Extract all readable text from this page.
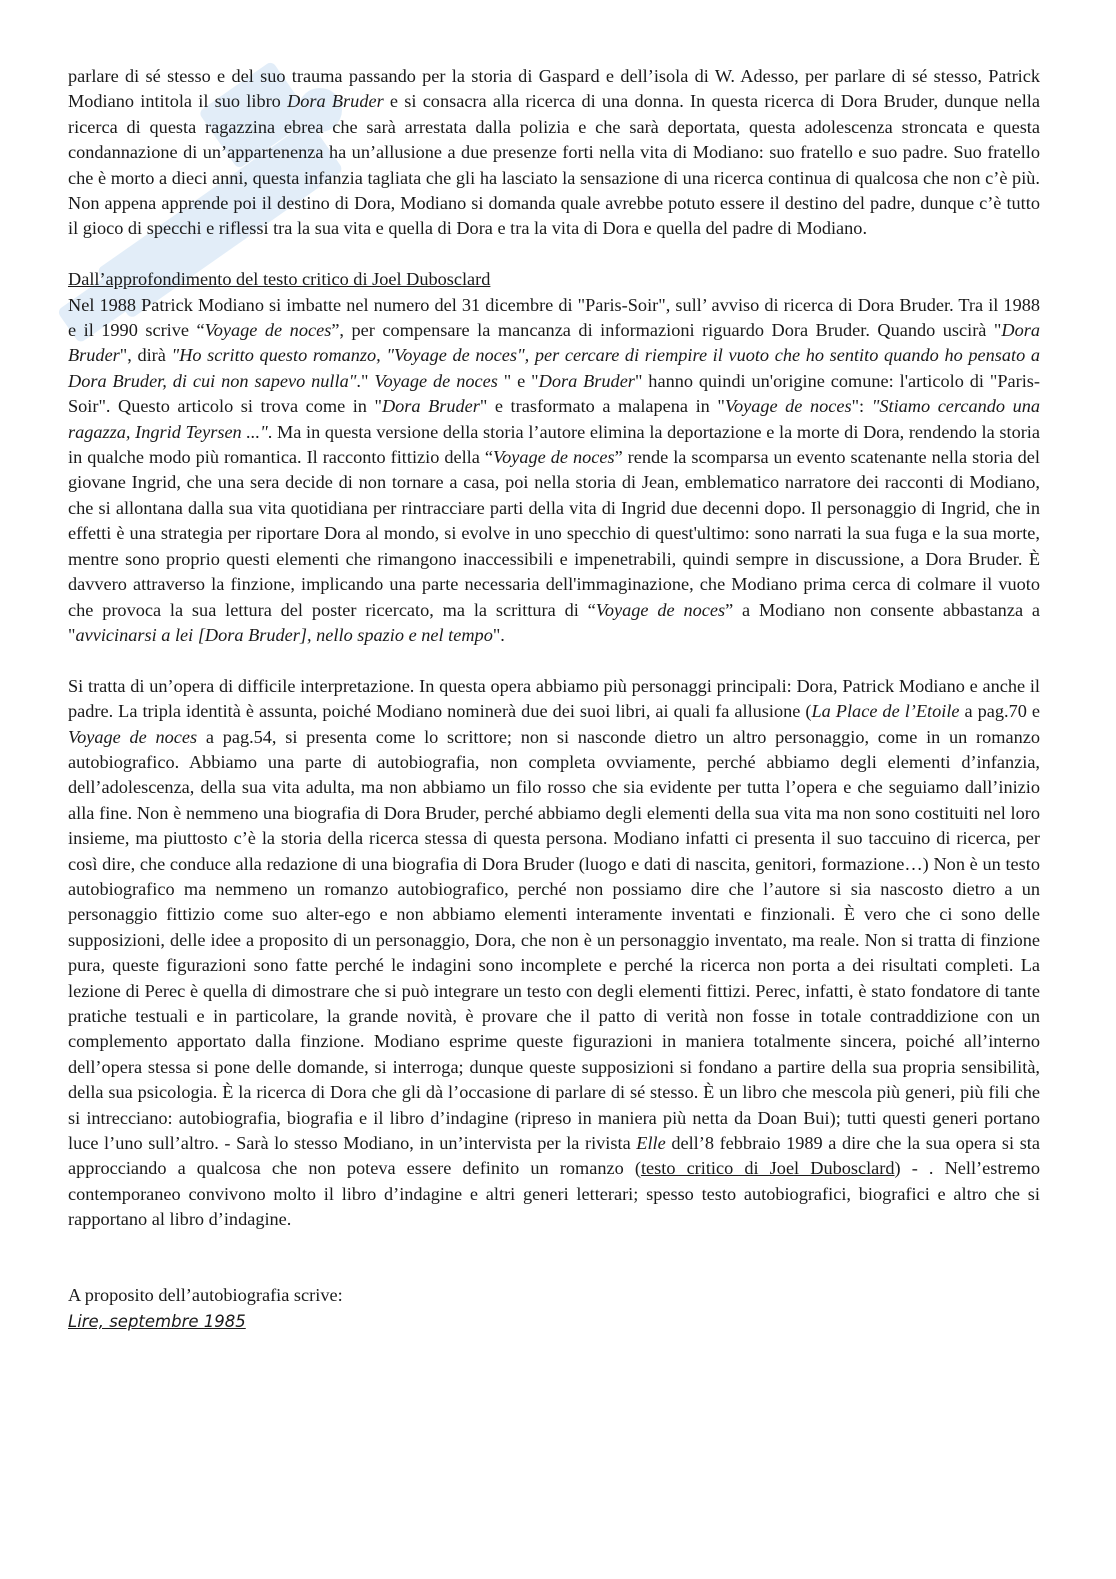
parlare di sé stesso e del suo trauma passando per la storia di Gaspard e dell’isola di W. Adesso, per parlare di sé stesso, Patrick Modiano intitola il suo libro Dora Bruder e si consacra alla ricerca di una donna. In questa ricerca di Dora Bruder, dunque nella ricerca di questa ragazzina ebrea che sarà arrestata dalla polizia e che sarà deportata, questa adolescenza stroncata e questa condannazione di un’appartenenza ha un’allusione a due presenze forti nella vita di Modiano: suo fratello e suo padre. Suo fratello che è morto a dieci anni, questa infanzia tagliata che gli ha lasciato la sensazione di una ricerca continua di qualcosa che non c’è più. Non appena apprende poi il destino di Dora, Modiano si domanda quale avrebbe potuto essere il destino del padre, dunque c’è tutto il gioco di specchi e riflessi tra la sua vita e quella di Dora e tra la vita di Dora e quella del padre di Modiano.

Dall’approfondimento del testo critico di Joel Dubosclard

Nel 1988 Patrick Modiano si imbatte nel numero del 31 dicembre di "Paris-Soir", sull’ avviso di ricerca di Dora Bruder. Tra il 1988 e il 1990 scrive “Voyage de noces”, per compensare la mancanza di informazioni riguardo Dora Bruder. Quando uscirà "Dora Bruder", dirà "Ho scritto questo romanzo, "Voyage de noces", per cercare di riempire il vuoto che ho sentito quando ho pensato a Dora Bruder, di cui non sapevo nulla"." Voyage de noces " e "Dora Bruder" hanno quindi un'origine comune: l'articolo di "Paris-Soir". Questo articolo si trova come in "Dora Bruder" e trasformato a malapena in "Voyage de noces": "Stiamo cercando una ragazza, Ingrid Teyrsen ...". Ma in questa versione della storia l’autore elimina la deportazione e la morte di Dora, rendendo la storia in qualche modo più romantica. Il racconto fittizio della “Voyage de noces” rende la scomparsa un evento scatenante nella storia del giovane Ingrid, che una sera decide di non tornare a casa, poi nella storia di Jean, emblematico narratore dei racconti di Modiano, che si allontana dalla sua vita quotidiana per rintracciare parti della vita di Ingrid due decenni dopo. Il personaggio di Ingrid, che in effetti è una strategia per riportare Dora al mondo, si evolve in uno specchio di quest'ultimo: sono narrati la sua fuga e la sua morte, mentre sono proprio questi elementi che rimangono inaccessibili e impenetrabili, quindi sempre in discussione, a Dora Bruder. È davvero attraverso la finzione, implicando una parte necessaria dell'immaginazione, che Modiano prima cerca di colmare il vuoto che provoca la sua lettura del poster ricercato, ma la scrittura di “Voyage de noces” a Modiano non consente abbastanza a "avvicinarsi a lei [Dora Bruder], nello spazio e nel tempo".

Si tratta di un’opera di difficile interpretazione. In questa opera abbiamo più personaggi principali: Dora, Patrick Modiano e anche il padre. La tripla identità è assunta, poiché Modiano nominerà due dei suoi libri, ai quali fa allusione (La Place de l’Etoile a pag.70 e Voyage de noces a pag.54, si presenta come lo scrittore; non si nasconde dietro un altro personaggio, come in un romanzo autobiografico. Abbiamo una parte di autobiografia, non completa ovviamente, perché abbiamo degli elementi d’infanzia, dell’adolescenza, della sua vita adulta, ma non abbiamo un filo rosso che sia evidente per tutta l’opera e che seguiamo dall’inizio alla fine. Non è nemmeno una biografia di Dora Bruder, perché abbiamo degli elementi della sua vita ma non sono costituiti nel loro insieme, ma piuttosto c’è la storia della ricerca stessa di questa persona. Modiano infatti ci presenta il suo taccuino di ricerca, per così dire, che conduce alla redazione di una biografia di Dora Bruder (luogo e dati di nascita, genitori, formazione…) Non è un testo autobiografico ma nemmeno un romanzo autobiografico, perché non possiamo dire che l’autore si sia nascosto dietro a un personaggio fittizio come suo alter-ego e non abbiamo elementi interamente inventati e finzionali. È vero che ci sono delle supposizioni, delle idee a proposito di un personaggio, Dora, che non è un personaggio inventato, ma reale. Non si tratta di finzione pura, queste figurazioni sono fatte perché le indagini sono incomplete e perché la ricerca non porta a dei risultati completi. La lezione di Perec è quella di dimostrare che si può integrare un testo con degli elementi fittizi. Perec, infatti, è stato fondatore di tante pratiche testuali e in particolare, la grande novità, è provare che il patto di verità non fosse in totale contraddizione con un complemento apportato dalla finzione. Modiano esprime queste figurazioni in maniera totalmente sincera, poiché all’interno dell’opera stessa si pone delle domande, si interroga; dunque queste supposizioni si fondano a partire della sua propria sensibilità, della sua psicologia. È la ricerca di Dora che gli dà l’occasione di parlare di sé stesso. È un libro che mescola più generi, più fili che si intrecciano: autobiografia, biografia e il libro d’indagine (ripreso in maniera più netta da Doan Bui); tutti questi generi portano luce l’uno sull’altro. - Sarà lo stesso Modiano, in un’intervista per la rivista Elle dell’8 febbraio 1989 a dire che la sua opera si sta approcciando a qualcosa che non poteva essere definito un romanzo (testo critico di Joel Dubosclard) - . Nell’estremo contemporaneo convivono molto il libro d’indagine e altri generi letterari; spesso testo autobiografici, biografici e altro che si rapportano al libro d’indagine.

A proposito dell’autobiografia scrive:

Lire, septembre 1985
